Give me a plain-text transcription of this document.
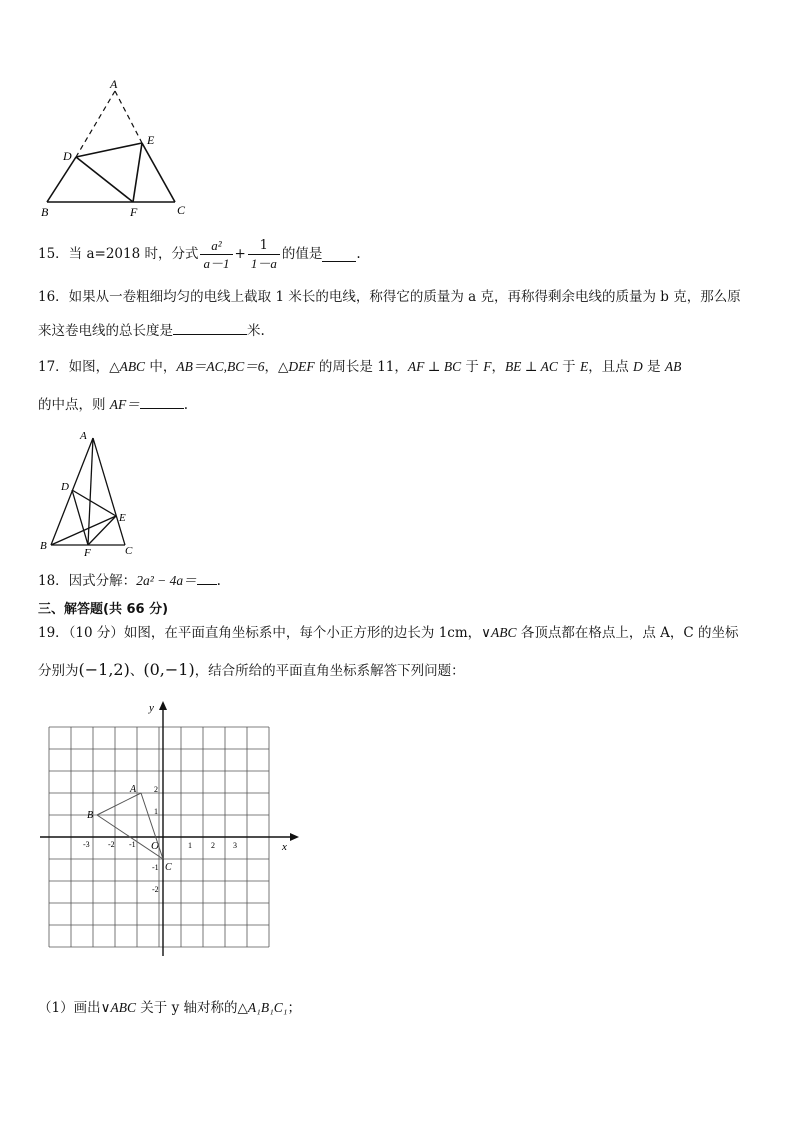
A
D
E
B	F	C
15．当 a=2018 时，分式 $\frac{\text{a²}}{a-1} + \frac{1}{1-a}$ 的值是	.
16．如果从一卷粗细均匀的电线上截取 1 米长的电线，称得它的质量为 a 克，再称得剩余电线的质量为 b 克，那么原
来这卷电线的总长度是	米.
17．如图，△ABC 中，AB＝AC,BC＝6，△DEF 的周长是 11，AF ⊥ BC 于 F，BE ⊥ AC 于 E，且点 D 是 AB
的中点，则 AF＝	.
A
D
E
B
F	C
18．因式分解：2a² − 4a＝ .
三、解答题(共 66 分)
19．（10 分）如图，在平面直角坐标系中，每个小正方形的边长为 1cm，∨ABC 各顶点都在格点上，点 A，C 的坐标
分别为(−1,2)、(0,−1)，结合所给的平面直角坐标系解答下列问题：
x
y
O
-3 -2 -1	1 2 3
2
1
-1
-2
A
B
C
（1）画出∨ABC 关于 y 轴对称的△A₁B₁C₁；
